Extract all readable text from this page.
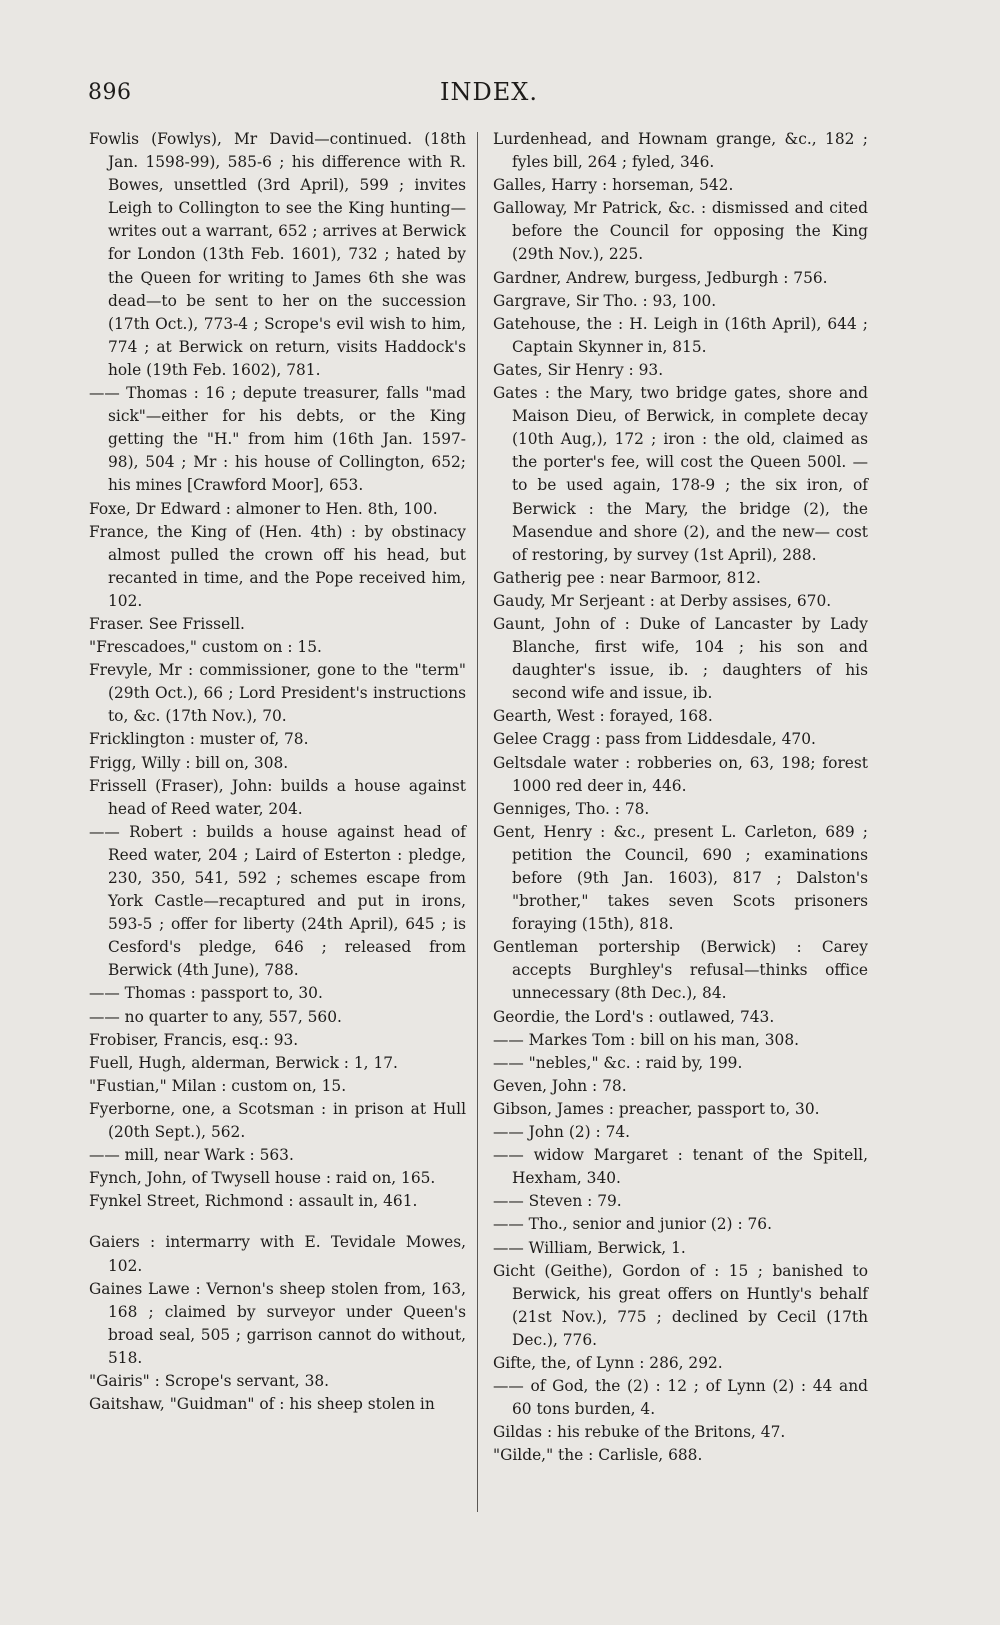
896	INDEX.

Fowlis (Fowlys), Mr David—continued. (18th Jan. 1598-99), 585-6 ; his difference with R. Bowes, unsettled (3rd April), 599 ; invites Leigh to Collington to see the King hunting—writes out a warrant, 652 ; arrives at Berwick for London (13th Feb. 1601), 732 ; hated by the Queen for writing to James 6th she was dead—to be sent to her on the succession (17th Oct.), 773-4 ; Scrope's evil wish to him, 774 ; at Berwick on return, visits Haddock's hole (19th Feb. 1602), 781.

—— Thomas : 16 ; depute treasurer, falls "mad sick"—either for his debts, or the King getting the "H." from him (16th Jan. 1597-98), 504 ; Mr : his house of Collington, 652; his mines [Crawford Moor], 653.

Foxe, Dr Edward : almoner to Hen. 8th, 100.

France, the King of (Hen. 4th) : by obstinacy almost pulled the crown off his head, but recanted in time, and the Pope received him, 102.

Fraser. See Frissell.

"Frescadoes," custom on : 15.

Frevyle, Mr : commissioner, gone to the "term" (29th Oct.), 66 ; Lord President's instructions to, &c. (17th Nov.), 70.

Fricklington : muster of, 78.

Frigg, Willy : bill on, 308.

Frissell (Fraser), John: builds a house against head of Reed water, 204.

—— Robert : builds a house against head of Reed water, 204 ; Laird of Esterton : pledge, 230, 350, 541, 592 ; schemes escape from York Castle—recaptured and put in irons, 593-5 ; offer for liberty (24th April), 645 ; is Cesford's pledge, 646 ; released from Berwick (4th June), 788.

—— Thomas : passport to, 30.

—— no quarter to any, 557, 560.

Frobiser, Francis, esq.: 93.

Fuell, Hugh, alderman, Berwick : 1, 17.

"Fustian," Milan : custom on, 15.

Fyerborne, one, a Scotsman : in prison at Hull (20th Sept.), 562.

—— mill, near Wark : 563.

Fynch, John, of Twysell house : raid on, 165.

Fynkel Street, Richmond : assault in, 461.

Gaiers : intermarry with E. Tevidale Mowes, 102.

Gaines Lawe : Vernon's sheep stolen from, 163, 168 ; claimed by surveyor under Queen's broad seal, 505 ; garrison cannot do without, 518.

"Gairis" : Scrope's servant, 38.

Gaitshaw, "Guidman" of : his sheep stolen in

Lurdenhead, and Hownam grange, &c., 182 ; fyles bill, 264 ; fyled, 346.

Galles, Harry : horseman, 542.

Galloway, Mr Patrick, &c. : dismissed and cited before the Council for opposing the King (29th Nov.), 225.

Gardner, Andrew, burgess, Jedburgh : 756.

Gargrave, Sir Tho. : 93, 100.

Gatehouse, the : H. Leigh in (16th April), 644 ; Captain Skynner in, 815.

Gates, Sir Henry : 93.

Gates : the Mary, two bridge gates, shore and Maison Dieu, of Berwick, in complete decay (10th Aug,), 172 ; iron : the old, claimed as the porter's fee, will cost the Queen 500l. —to be used again, 178-9 ; the six iron, of Berwick : the Mary, the bridge (2), the Masendue and shore (2), and the new— cost of restoring, by survey (1st April), 288.

Gatherig pee : near Barmoor, 812.

Gaudy, Mr Serjeant : at Derby assises, 670.

Gaunt, John of : Duke of Lancaster by Lady Blanche, first wife, 104 ; his son and daughter's issue, ib. ; daughters of his second wife and issue, ib.

Gearth, West : forayed, 168.

Gelee Cragg : pass from Liddesdale, 470.

Geltsdale water : robberies on, 63, 198; forest 1000 red deer in, 446.

Genniges, Tho. : 78.

Gent, Henry : &c., present L. Carleton, 689 ; petition the Council, 690 ; examinations before (9th Jan. 1603), 817 ; Dalston's "brother," takes seven Scots prisoners foraying (15th), 818.

Gentleman portership (Berwick) : Carey accepts Burghley's refusal—thinks office unnecessary (8th Dec.), 84.

Geordie, the Lord's : outlawed, 743.

—— Markes Tom : bill on his man, 308.

—— "nebles," &c. : raid by, 199.

Geven, John : 78.

Gibson, James : preacher, passport to, 30.

—— John (2) : 74.

—— widow Margaret : tenant of the Spitell, Hexham, 340.

—— Steven : 79.

—— Tho., senior and junior (2) : 76.

—— William, Berwick, 1.

Gicht (Geithe), Gordon of : 15 ; banished to Berwick, his great offers on Huntly's behalf (21st Nov.), 775 ; declined by Cecil (17th Dec.), 776.

Gifte, the, of Lynn : 286, 292.

—— of God, the (2) : 12 ; of Lynn (2) : 44 and 60 tons burden, 4.

Gildas : his rebuke of the Britons, 47.

"Gilde," the : Carlisle, 688.
